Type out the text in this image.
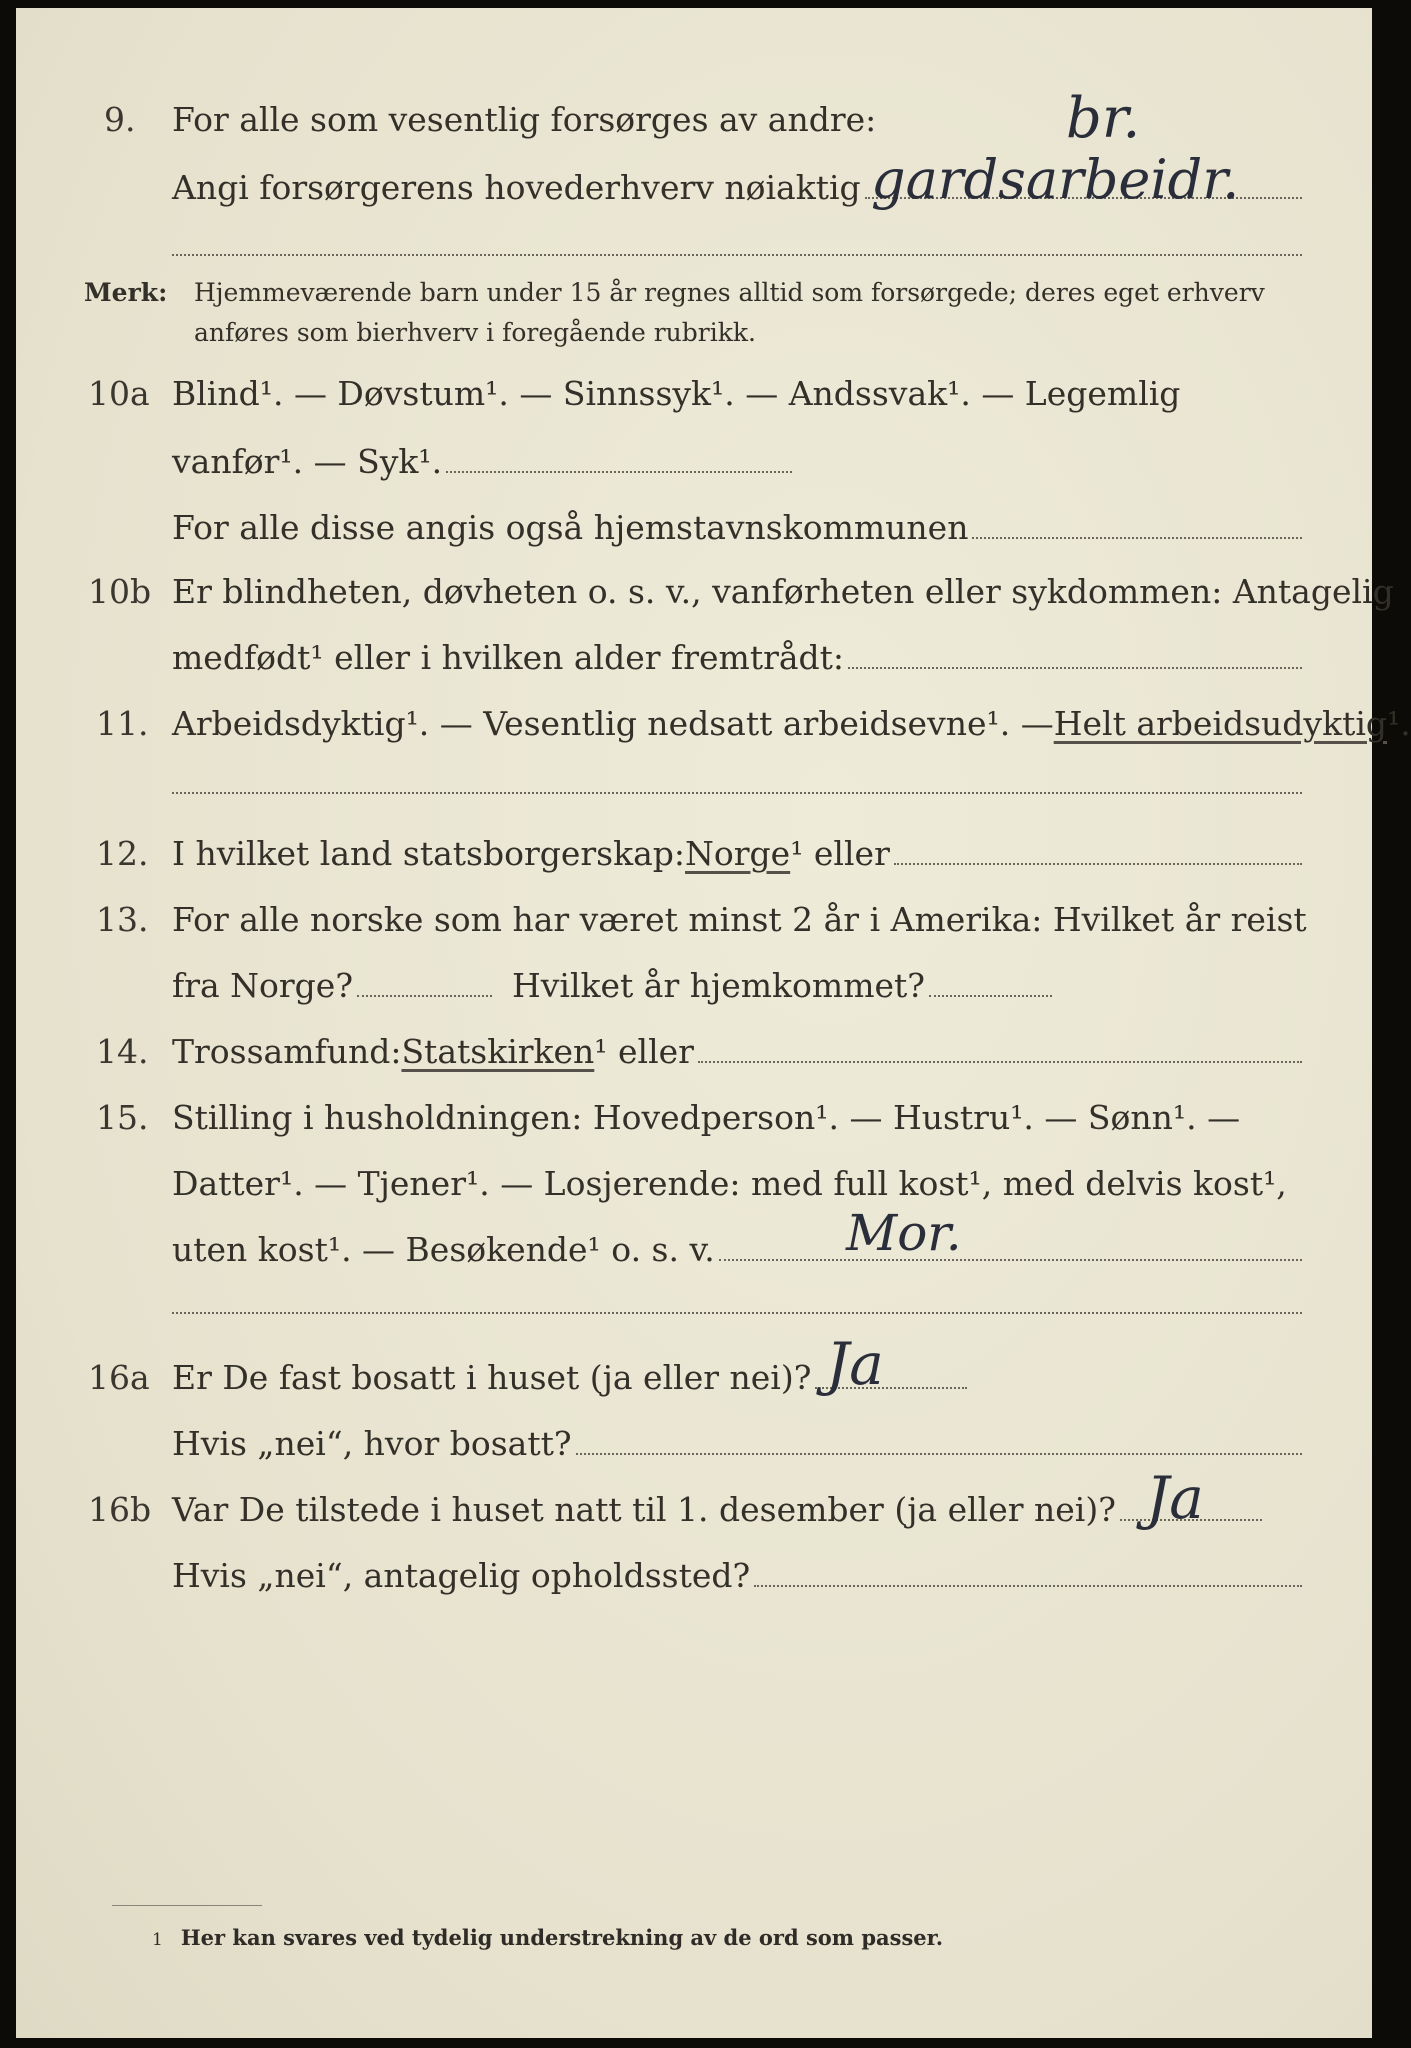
9. For alle som vesentlig forsørges av andre:	br.
Angi forsørgerens hovederhverv nøiaktig gardsarbeidr.
Merk: Hjemmeværende barn under 15 år regnes alltid som forsørgede; deres eget erhverv
anføres som bierhverv i foregående rubrikk.
10a Blind¹. — Døvstum¹. — Sinnssyk¹. — Andssvak¹. — Legemlig
vanfør¹. — Syk¹.
For alle disse angis også hjemstavnskommunen
10b Er blindheten, døvheten o. s. v., vanførheten eller sykdommen: Antagelig
medfødt¹ eller i hvilken alder fremtrådt:
11. Arbeidsdyktig¹. — Vesentlig nedsatt arbeidsevne¹. — Helt arbeidsudyktig ¹.
12. I hvilket land statsborgerskap: Norge ¹ eller
13. For alle norske som har været minst 2 år i Amerika: Hvilket år reist
fra Norge?	Hvilket år hjemkommet?
14. Trossamfund: Statskirken ¹ eller
15. Stilling i husholdningen: Hovedperson¹. — Hustru¹. — Sønn¹. —
Datter¹. — Tjener¹. — Losjerende: med full kost¹, med delvis kost¹,
uten kost¹. — Besøkende¹ o. s. v.	Mor.
16a Er De fast bosatt i huset (ja eller nei)? Ja
Hvis „nei“, hvor bosatt?
16b Var De tilstede i huset natt til 1. desember (ja eller nei)? Ja
Hvis „nei“, antagelig opholdssted?
1 Her kan svares ved tydelig understrekning av de ord som passer.
